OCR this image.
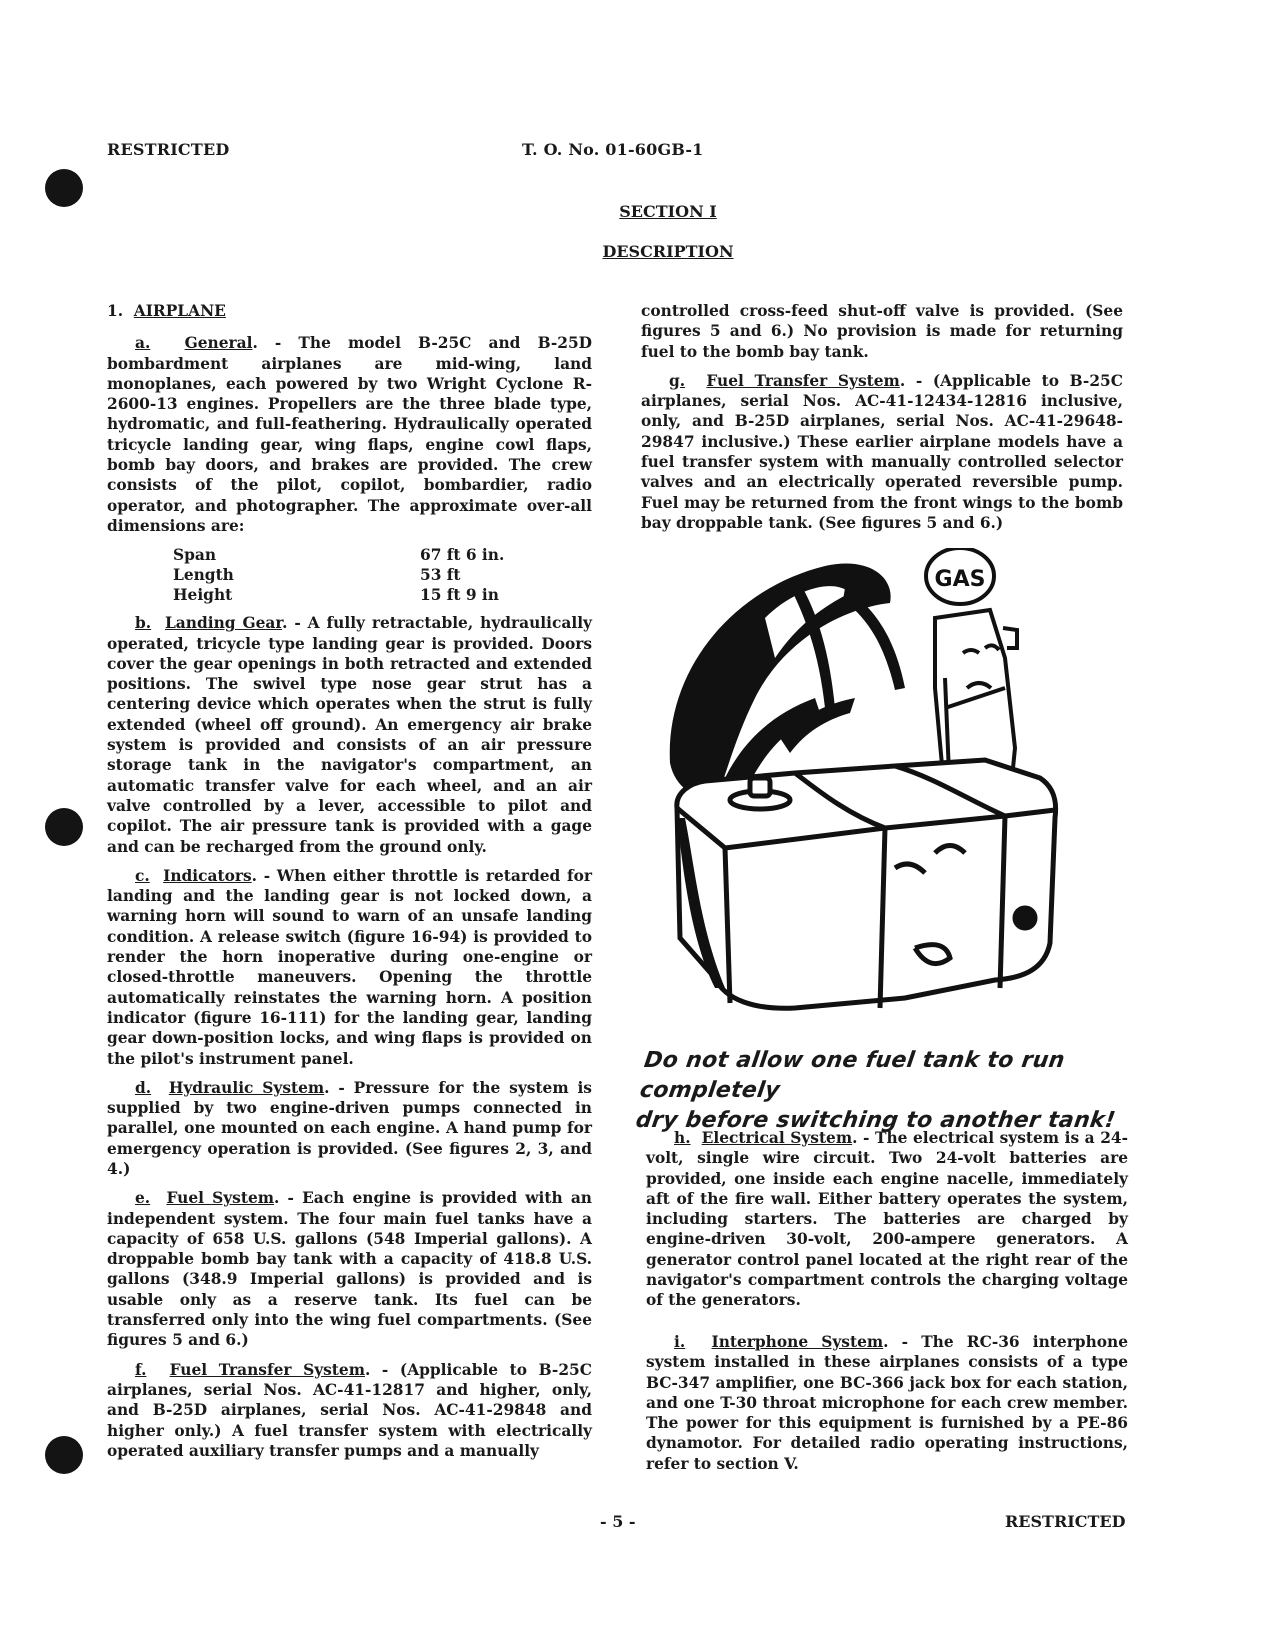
RESTRICTED	T. O. No. 01-60GB-1
SECTION I
DESCRIPTION

1. AIRPLANE

a. General. - The model B-25C and B-25D bombardment airplanes are mid-wing, land monoplanes, each powered by two Wright Cyclone R-2600-13 engines. Propellers are the three blade type, hydromatic, and full-feathering. Hydraulically operated tricycle landing gear, wing flaps, engine cowl flaps, bomb bay doors, and brakes are provided. The crew consists of the pilot, copilot, bombardier, radio operator, and photographer. The approximate over-all dimensions are:

Span	67 ft 6 in.
Length	53 ft
Height	15 ft 9 in

b. Landing Gear. - A fully retractable, hydraulically operated, tricycle type landing gear is provided. Doors cover the gear openings in both retracted and extended positions. The swivel type nose gear strut has a centering device which operates when the strut is fully extended (wheel off ground). An emergency air brake system is provided and consists of an air pressure storage tank in the navigator's compartment, an automatic transfer valve for each wheel, and an air valve controlled by a lever, accessible to pilot and copilot. The air pressure tank is provided with a gage and can be recharged from the ground only.

c. Indicators. - When either throttle is retarded for landing and the landing gear is not locked down, a warning horn will sound to warn of an unsafe landing condition. A release switch (figure 16-94) is provided to render the horn inoperative during one-engine or closed-throttle maneuvers. Opening the throttle automatically reinstates the warning horn. A position indicator (figure 16-111) for the landing gear, landing gear down-position locks, and wing flaps is provided on the pilot's instrument panel.

d. Hydraulic System. - Pressure for the system is supplied by two engine-driven pumps connected in parallel, one mounted on each engine. A hand pump for emergency operation is provided. (See figures 2, 3, and 4.)

e. Fuel System. - Each engine is provided with an independent system. The four main fuel tanks have a capacity of 658 U.S. gallons (548 Imperial gallons). A droppable bomb bay tank with a capacity of 418.8 U.S. gallons (348.9 Imperial gallons) is provided and is usable only as a reserve tank. Its fuel can be transferred only into the wing fuel compartments. (See figures 5 and 6.)

f. Fuel Transfer System. - (Applicable to B-25C airplanes, serial Nos. AC-41-12817 and higher, only, and B-25D airplanes, serial Nos. AC-41-29848 and higher only.) A fuel transfer system with electrically operated auxiliary transfer pumps and a manually

controlled cross-feed shut-off valve is provided. (See figures 5 and 6.) No provision is made for returning fuel to the bomb bay tank.

g. Fuel Transfer System. - (Applicable to B-25C airplanes, serial Nos. AC-41-12434-12816 inclusive, only, and B-25D airplanes, serial Nos. AC-41-29648-29847 inclusive.) These earlier airplane models have a fuel transfer system with manually controlled selector valves and an electrically operated reversible pump. Fuel may be returned from the front wings to the bomb bay droppable tank. (See figures 5 and 6.)

GAS
Do not allow one fuel tank to run completely
dry before switching to another tank!

h. Electrical System. - The electrical system is a 24-volt, single wire circuit. Two 24-volt batteries are provided, one inside each engine nacelle, immediately aft of the fire wall. Either battery operates the system, including starters. The batteries are charged by engine-driven 30-volt, 200-ampere generators. A generator control panel located at the right rear of the navigator's compartment controls the charging voltage of the generators.

i. Interphone System. - The RC-36 interphone system installed in these airplanes consists of a type BC-347 amplifier, one BC-366 jack box for each station, and one T-30 throat microphone for each crew member. The power for this equipment is furnished by a PE-86 dynamotor. For detailed radio operating instructions, refer to section V.

- 5 -	RESTRICTED
